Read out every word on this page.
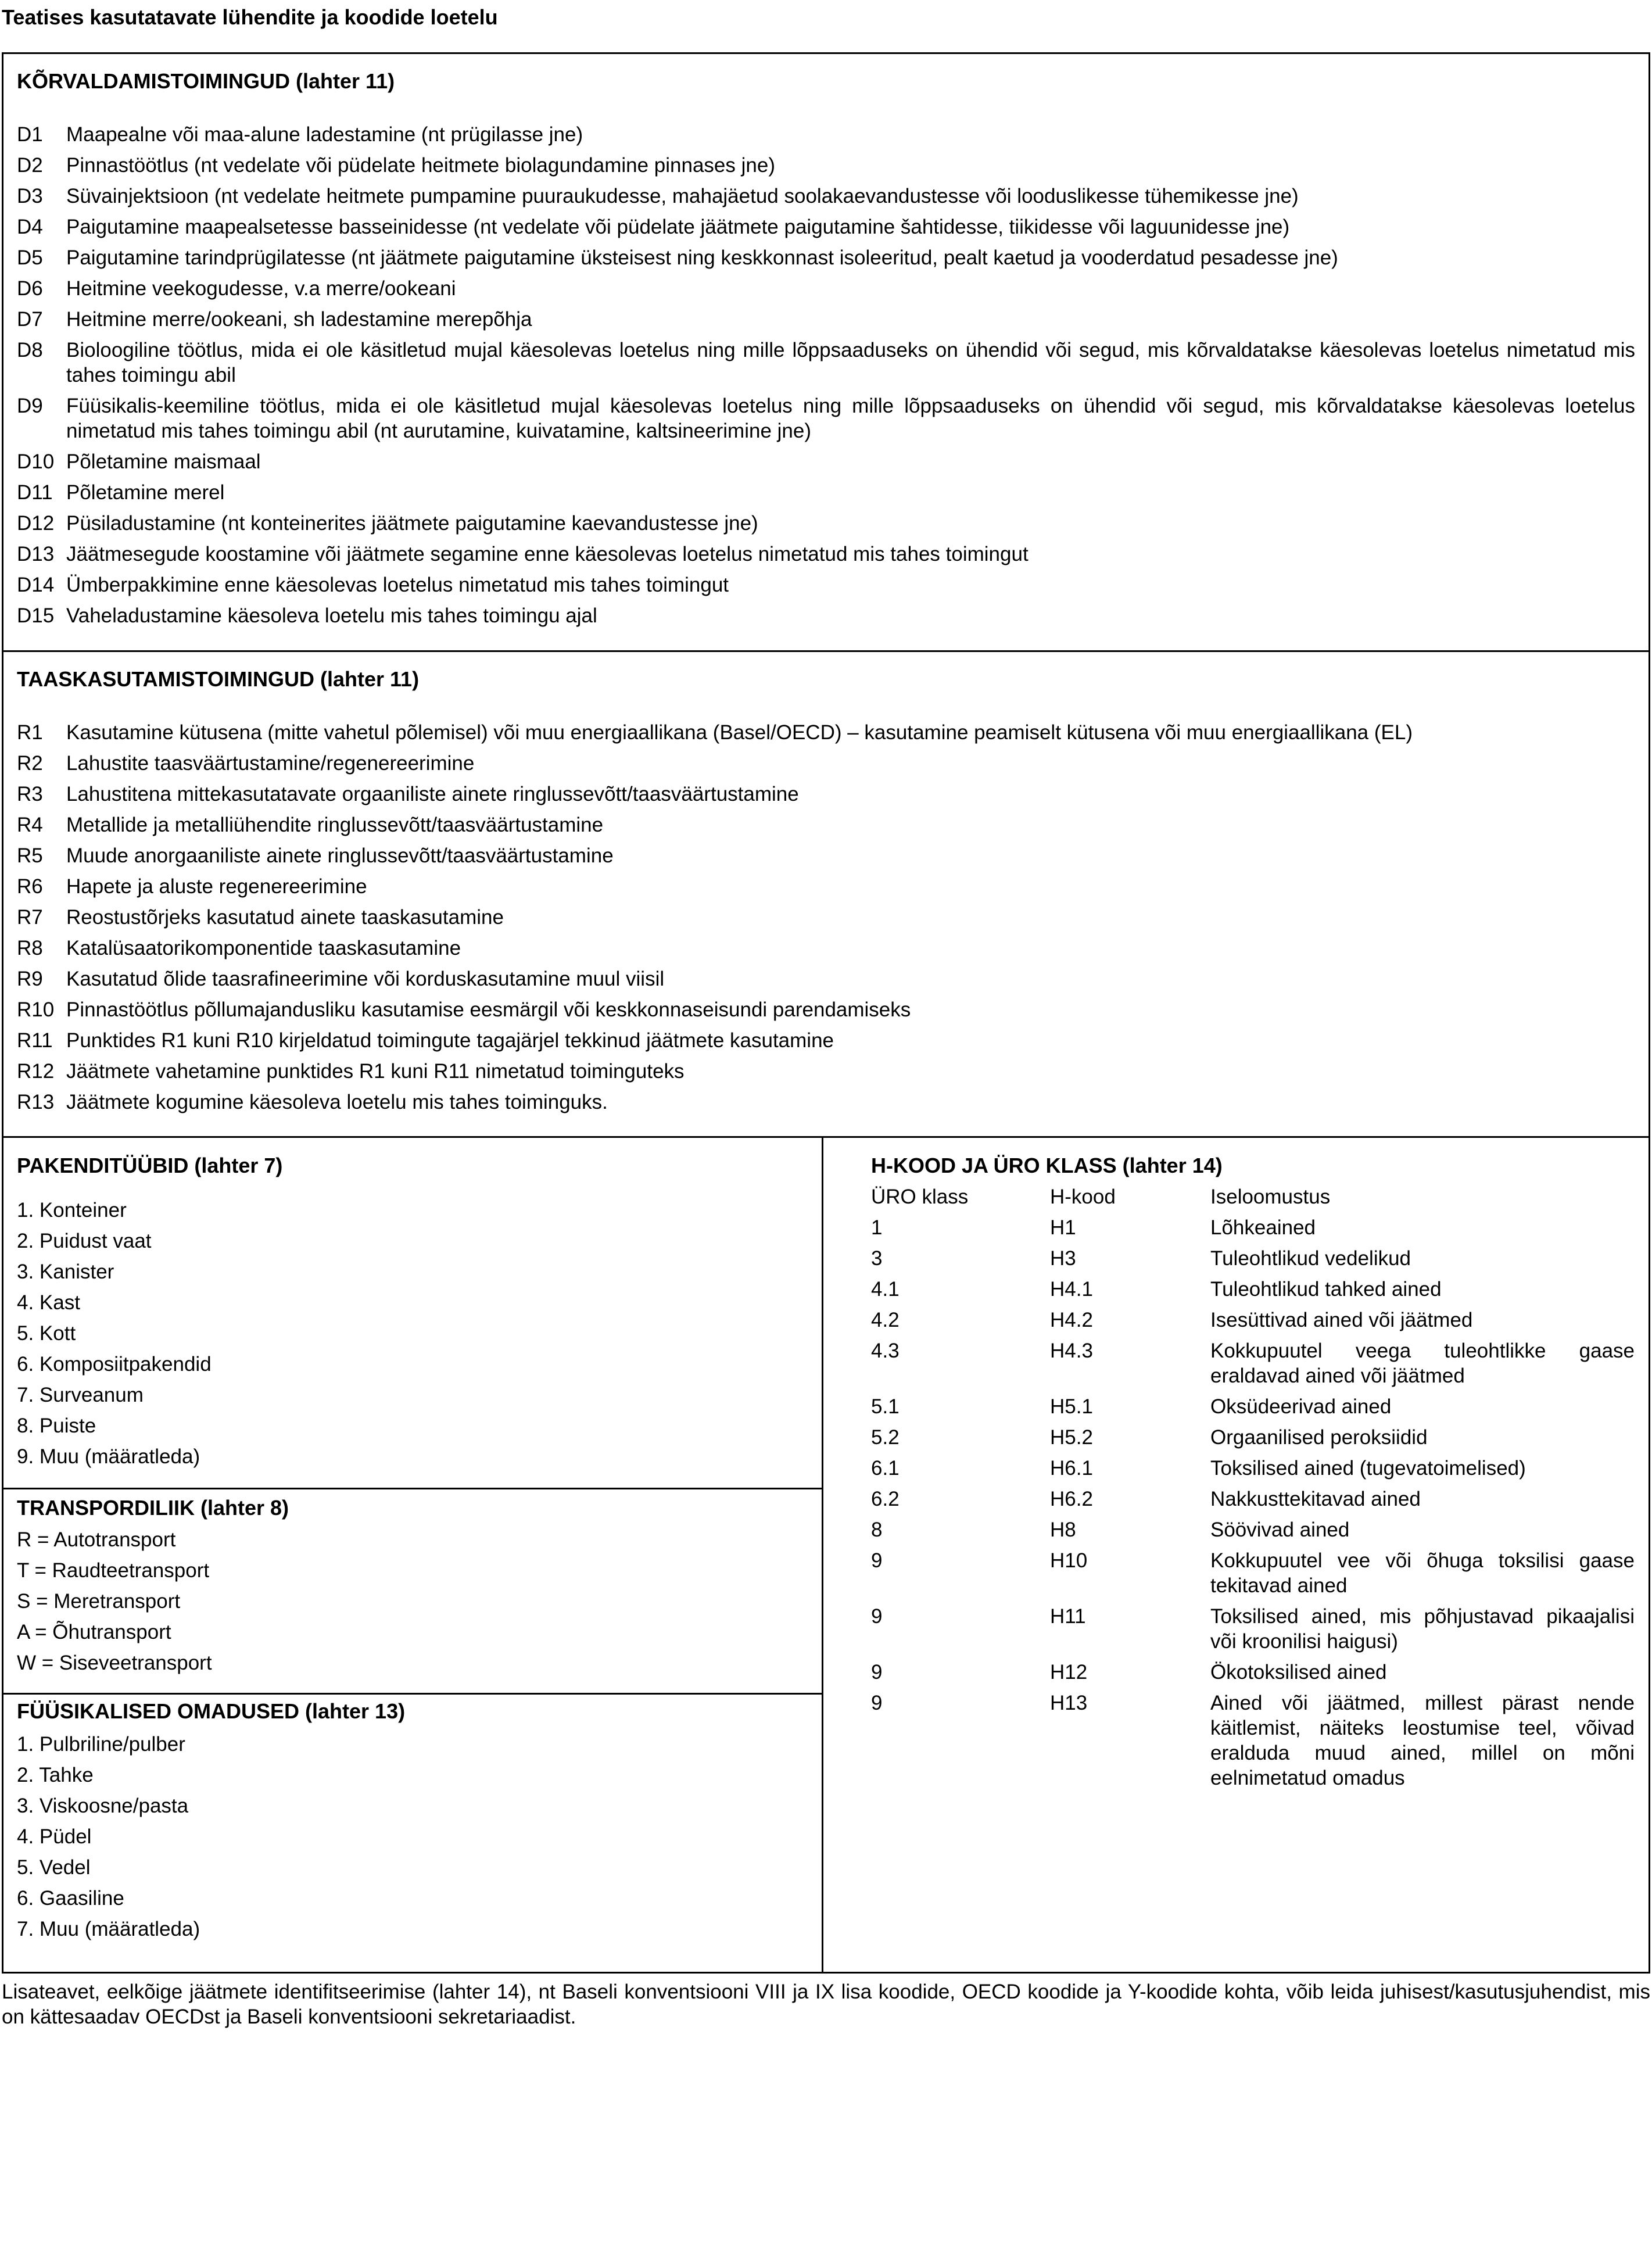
Teatises kasutatavate lühendite ja koodide loetelu
KÕRVALDAMISTOIMINGUD (lahter 11)
D1	Maapealne või maa-alune ladestamine (nt prügilasse jne)
D2	Pinnastöötlus (nt vedelate või püdelate heitmete biolagundamine pinnases jne)
D3	Süvainjektsioon (nt vedelate heitmete pumpamine puuraukudesse, mahajäetud soolakaevandustesse või looduslikesse tühemikesse jne)
D4	Paigutamine maapealsetesse basseinidesse (nt vedelate või püdelate jäätmete paigutamine šahtidesse, tiikidesse või laguunidesse jne)
D5	Paigutamine tarindprügilatesse (nt jäätmete paigutamine üksteisest ning keskkonnast isoleeritud, pealt kaetud ja vooderdatud pesadesse jne)
D6	Heitmine veekogudesse, v.a merre/ookeani
D7	Heitmine merre/ookeani, sh ladestamine merepõhja
D8	Bioloogiline töötlus, mida ei ole käsitletud mujal käesolevas loetelus ning mille lõppsaaduseks on ühendid või segud, mis kõrvaldatakse käesolevas loetelus nimetatud mis tahes toimingu abil
D9	Füüsikalis-keemiline töötlus, mida ei ole käsitletud mujal käesolevas loetelus ning mille lõppsaaduseks on ühendid või segud, mis kõrvaldatakse käesolevas loetelus nimetatud mis tahes toimingu abil (nt aurutamine, kuivatamine, kaltsineerimine jne)
D10 Põletamine maismaal
D11 Põletamine merel
D12 Püsiladustamine (nt konteinerites jäätmete paigutamine kaevandustesse jne)
D13 Jäätmesegude koostamine või jäätmete segamine enne käesolevas loetelus nimetatud mis tahes toimingut
D14 Ümberpakkimine enne käesolevas loetelus nimetatud mis tahes toimingut
D15 Vaheladustamine käesoleva loetelu mis tahes toimingu ajal
TAASKASUTAMISTOIMINGUD (lahter 11)
R1	Kasutamine kütusena (mitte vahetul põlemisel) või muu energiaallikana (Basel/OECD) – kasutamine peamiselt kütusena või muu energiaallikana (EL)
R2	Lahustite taasväärtustamine/regenereerimine
R3	Lahustitena mittekasutatavate orgaaniliste ainete ringlussevõtt/taasväärtustamine
R4	Metallide ja metalliühendite ringlussevõtt/taasväärtustamine
R5	Muude anorgaaniliste ainete ringlussevõtt/taasväärtustamine
R6	Hapete ja aluste regenereerimine
R7	Reostustõrjeks kasutatud ainete taaskasutamine
R8	Katalüsaatorikomponentide taaskasutamine
R9	Kasutatud õlide taasrafineerimine või korduskasutamine muul viisil
R10 Pinnastöötlus põllumajandusliku kasutamise eesmärgil või keskkonnaseisundi parendamiseks
R11 Punktides R1 kuni R10 kirjeldatud toimingute tagajärjel tekkinud jäätmete kasutamine
R12 Jäätmete vahetamine punktides R1 kuni R11 nimetatud toiminguteks
R13 Jäätmete kogumine käesoleva loetelu mis tahes toiminguks.
PAKENDITÜÜBID (lahter 7)
1. Konteiner
2. Puidust vaat
3. Kanister
4. Kast
5. Kott
6. Komposiitpakendid
7. Surveanum
8. Puiste
9. Muu (määratleda)
TRANSPORDILIIK (lahter 8)
R = Autotransport
T = Raudteetransport
S = Meretransport
A = Õhutransport
W = Siseveetransport
FÜÜSIKALISED OMADUSED (lahter 13)
1. Pulbriline/pulber
2. Tahke
3. Viskoosne/pasta
4. Püdel
5. Vedel
6. Gaasiline
7. Muu (määratleda)
H-KOOD JA ÜRO KLASS (lahter 14)
ÜRO klass	H-kood	Iseloomustus
1	H1	Lõhkeained
3	H3	Tuleohtlikud vedelikud
4.1	H4.1	Tuleohtlikud tahked ained
4.2	H4.2	Isesüttivad ained või jäätmed
4.3	H4.3	Kokkupuutel veega tuleohtlikke gaase eraldavad ained või jäätmed
5.1	H5.1	Oksüdeerivad ained
5.2	H5.2	Orgaanilised peroksiidid
6.1	H6.1	Toksilised ained (tugevatoimelised)
6.2	H6.2	Nakkusttekitavad ained
8	H8	Söövivad ained
9	H10	Kokkupuutel vee või õhuga toksilisi gaase tekitavad ained
9	H11	Toksilised ained, mis põhjustavad pikaajalisi või kroonilisi haigusi)
9	H12	Ökotoksilised ained
9	H13	Ained või jäätmed, millest pärast nende käitlemist, näiteks leostumise teel, võivad eralduda muud ained, millel on mõni eelnimetatud omadus
Lisateavet, eelkõige jäätmete identifitseerimise (lahter 14), nt Baseli konventsiooni VIII ja IX lisa koodide, OECD koodide ja Y-koodide kohta, võib leida juhisest/kasutusjuhendist, mis on kättesaadav OECDst ja Baseli konventsiooni sekretariaadist.
